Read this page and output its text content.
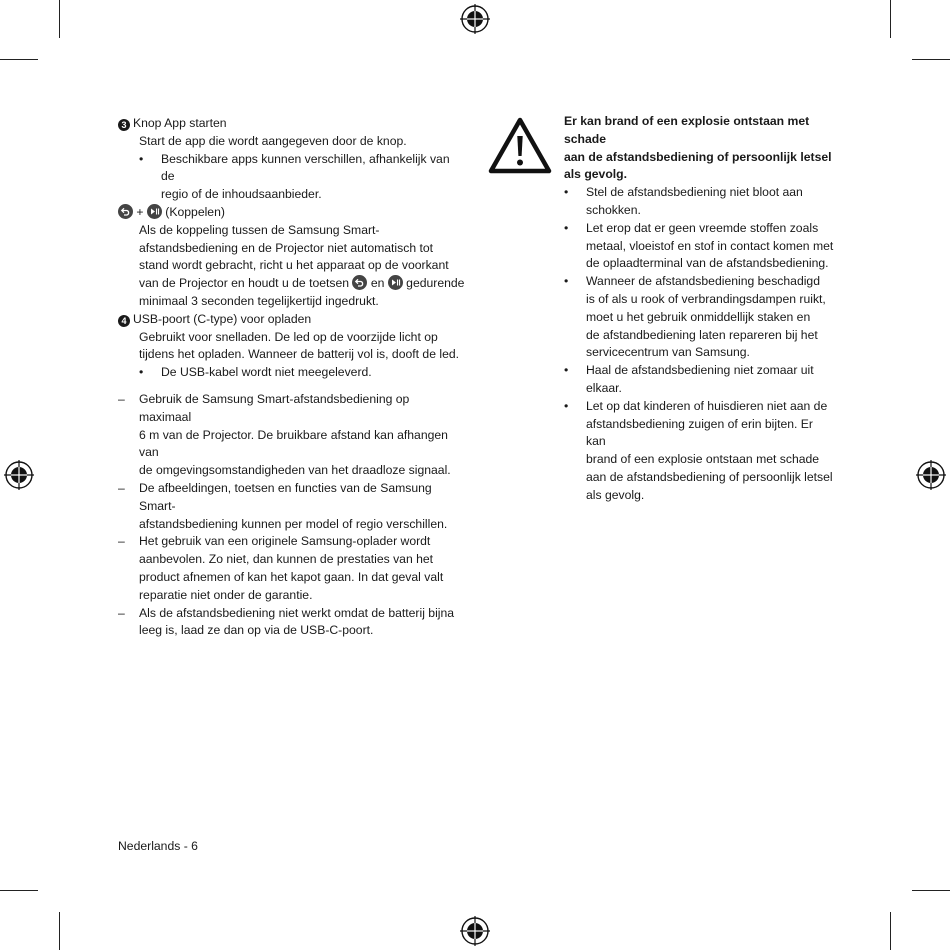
3 Knop App starten
Start de app die wordt aangegeven door de knop.
• Beschikbare apps kunnen verschillen, afhankelijk van de
regio of de inhoudsaanbieder.
+ (Koppelen)
Als de koppeling tussen de Samsung Smart-
afstandsbediening en de Projector niet automatisch tot
stand wordt gebracht, richt u het apparaat op de voorkant
van de Projector en houdt u de toetsen en gedurende
minimaal 3 seconden tegelijkertijd ingedrukt.
4 USB-poort (C-type) voor opladen
Gebruikt voor snelladen. De led op de voorzijde licht op
tijdens het opladen. Wanneer de batterij vol is, dooft de led.
• De USB-kabel wordt niet meegeleverd.
– Gebruik de Samsung Smart-afstandsbediening op maximaal
6 m van de Projector. De bruikbare afstand kan afhangen van
de omgevingsomstandigheden van het draadloze signaal.
– De afbeeldingen, toetsen en functies van de Samsung Smart-
afstandsbediening kunnen per model of regio verschillen.
– Het gebruik van een originele Samsung-oplader wordt
aanbevolen. Zo niet, dan kunnen de prestaties van het
product afnemen of kan het kapot gaan. In dat geval valt
reparatie niet onder de garantie.
– Als de afstandsbediening niet werkt omdat de batterij bijna
leeg is, laad ze dan op via de USB-C-poort.
Er kan brand of een explosie ontstaan met schade
aan de afstandsbediening of persoonlijk letsel
als gevolg.
• Stel de afstandsbediening niet bloot aan
schokken.
• Let erop dat er geen vreemde stoffen zoals
metaal, vloeistof en stof in contact komen met
de oplaadterminal van de afstandsbediening.
• Wanneer de afstandsbediening beschadigd
is of als u rook of verbrandingsdampen ruikt,
moet u het gebruik onmiddellijk staken en
de afstandbediening laten repareren bij het
servicecentrum van Samsung.
• Haal de afstandsbediening niet zomaar uit
elkaar.
• Let op dat kinderen of huisdieren niet aan de
afstandsbediening zuigen of erin bijten. Er kan
brand of een explosie ontstaan met schade
aan de afstandsbediening of persoonlijk letsel
als gevolg.
Nederlands - 6
